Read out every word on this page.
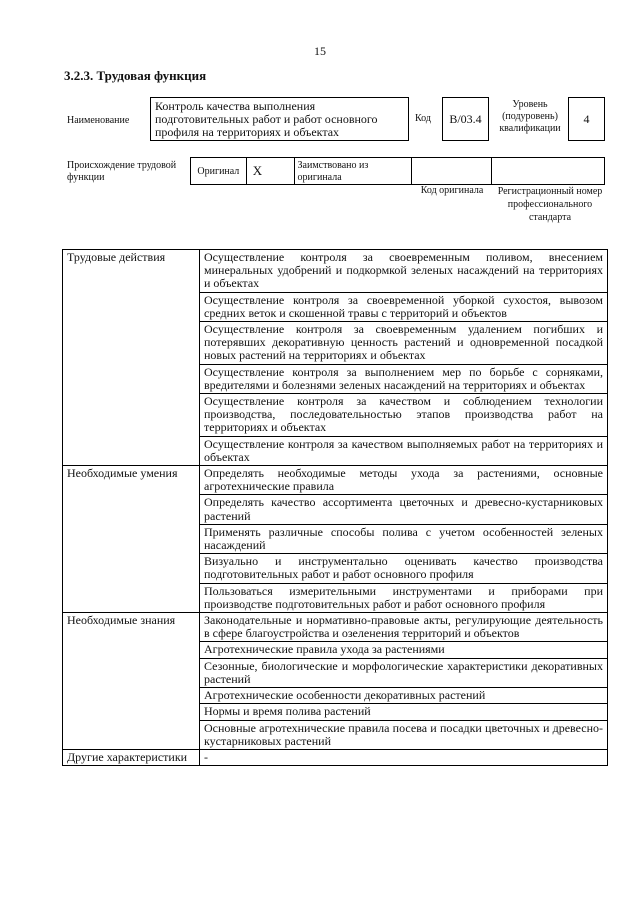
15
3.2.3. Трудовая функция
Наименование
Контроль качества выполнения подготовительных работ и работ основного профиля на территориях и объектах
Код	B/03.4
Уровень (подуровень) квалификации
4
Происхождение трудовой функции
Оригинал	X	Заимствовано из оригинала
Код оригинала	Регистрационный номер профессионального стандарта
Трудовые действия	Осуществление контроля за своевременным поливом, внесением минеральных удобрений и подкормкой зеленых насаждений на территориях и объектах
	Осуществление контроля за своевременной уборкой сухостоя, вывозом средних веток и скошенной травы с территорий и объектов
	Осуществление контроля за своевременным удалением погибших и потерявших декоративную ценность растений и одновременной посадкой новых растений на территориях и объектах
	Осуществление контроля за выполнением мер по борьбе с сорняками, вредителями и болезнями зеленых насаждений на территориях и объектах
	Осуществление контроля за качеством и соблюдением технологии производства, последовательностью этапов производства работ на территориях и объектах
	Осуществление контроля за качеством выполняемых работ на территориях и объектах
Необходимые умения	Определять необходимые методы ухода за растениями, основные агротехнические правила
	Определять качество ассортимента цветочных и древесно-кустарниковых растений
	Применять различные способы полива с учетом особенностей зеленых насаждений
	Визуально и инструментально оценивать качество производства подготовительных работ и работ основного профиля
	Пользоваться измерительными инструментами и приборами при производстве подготовительных работ и работ основного профиля
Необходимые знания	Законодательные и нормативно-правовые акты, регулирующие деятельность в сфере благоустройства и озеленения территорий и объектов
	Агротехнические правила ухода за растениями
	Сезонные, биологические и морфологические характеристики декоративных растений
	Агротехнические особенности декоративных растений
	Нормы и время полива растений
	Основные агротехнические правила посева и посадки цветочных и древесно-кустарниковых растений
Другие характеристики	-
